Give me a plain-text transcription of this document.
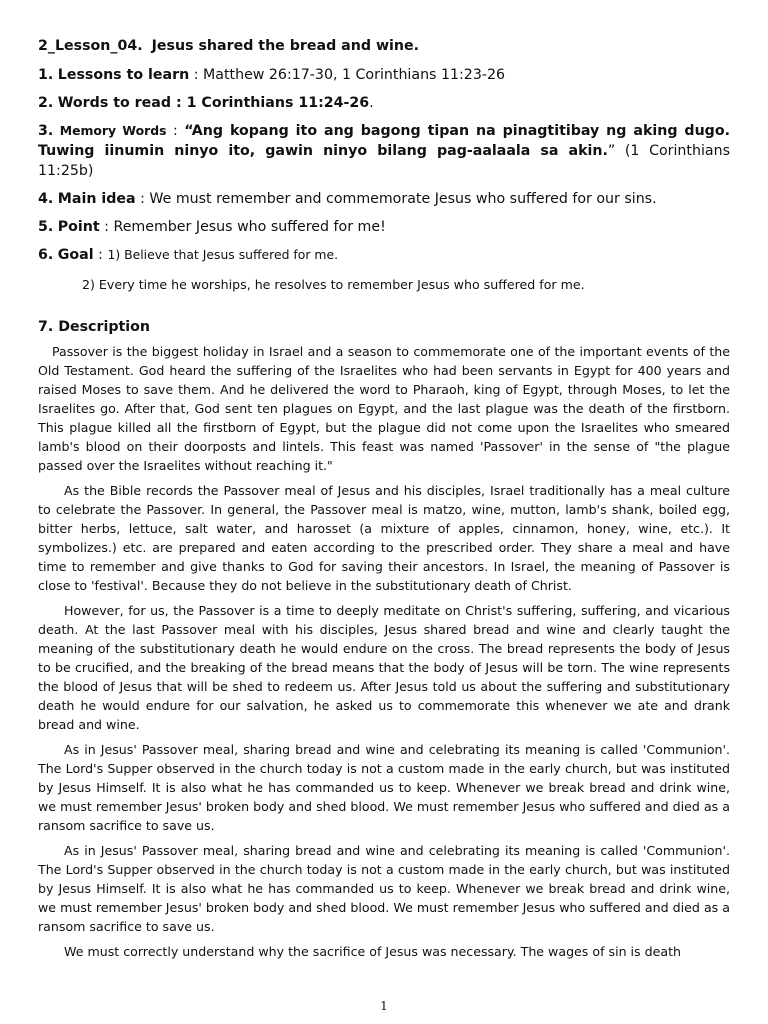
2_Lesson_04. Jesus shared the bread and wine.
1. Lessons to learn : Matthew 26:17-30, 1 Corinthians 11:23-26
2. Words to read : 1 Corinthians 11:24-26.
3. Memory Words : “Ang kopang ito ang bagong tipan na pinagtitibay ng aking dugo. Tuwing iinumin ninyo ito, gawin ninyo bilang pag-aalaala sa akin.” (1 Corinthians 11:25b)
4. Main idea : We must remember and commemorate Jesus who suffered for our sins.
5. Point : Remember Jesus who suffered for me!
6. Goal : 1) Believe that Jesus suffered for me.
2) Every time he worships, he resolves to remember Jesus who suffered for me.
7. Description

Passover is the biggest holiday in Israel and a season to commemorate one of the important events of the Old Testament. God heard the suffering of the Israelites who had been servants in Egypt for 400 years and raised Moses to save them. And he delivered the word to Pharaoh, king of Egypt, through Moses, to let the Israelites go. After that, God sent ten plagues on Egypt, and the last plague was the death of the firstborn. This plague killed all the firstborn of Egypt, but the plague did not come upon the Israelites who smeared lamb's blood on their doorposts and lintels. This feast was named 'Passover' in the sense of "the plague passed over the Israelites without reaching it."

As the Bible records the Passover meal of Jesus and his disciples, Israel traditionally has a meal culture to celebrate the Passover. In general, the Passover meal is matzo, wine, mutton, lamb's shank, boiled egg, bitter herbs, lettuce, salt water, and harosset (a mixture of apples, cinnamon, honey, wine, etc.). It symbolizes.) etc. are prepared and eaten according to the prescribed order. They share a meal and have time to remember and give thanks to God for saving their ancestors. In Israel, the meaning of Passover is close to 'festival'. Because they do not believe in the substitutionary death of Christ.

However, for us, the Passover is a time to deeply meditate on Christ's suffering, suffering, and vicarious death. At the last Passover meal with his disciples, Jesus shared bread and wine and clearly taught the meaning of the substitutionary death he would endure on the cross. The bread represents the body of Jesus to be crucified, and the breaking of the bread means that the body of Jesus will be torn. The wine represents the blood of Jesus that will be shed to redeem us. After Jesus told us about the suffering and substitutionary death he would endure for our salvation, he asked us to commemorate this whenever we ate and drank bread and wine.

As in Jesus' Passover meal, sharing bread and wine and celebrating its meaning is called 'Communion'. The Lord's Supper observed in the church today is not a custom made in the early church, but was instituted by Jesus Himself. It is also what he has commanded us to keep. Whenever we break bread and drink wine, we must remember Jesus' broken body and shed blood. We must remember Jesus who suffered and died as a ransom sacrifice to save us.

As in Jesus' Passover meal, sharing bread and wine and celebrating its meaning is called 'Communion'. The Lord's Supper observed in the church today is not a custom made in the early church, but was instituted by Jesus Himself. It is also what he has commanded us to keep. Whenever we break bread and drink wine, we must remember Jesus' broken body and shed blood. We must remember Jesus who suffered and died as a ransom sacrifice to save us.

We must correctly understand why the sacrifice of Jesus was necessary. The wages of sin is death

1
